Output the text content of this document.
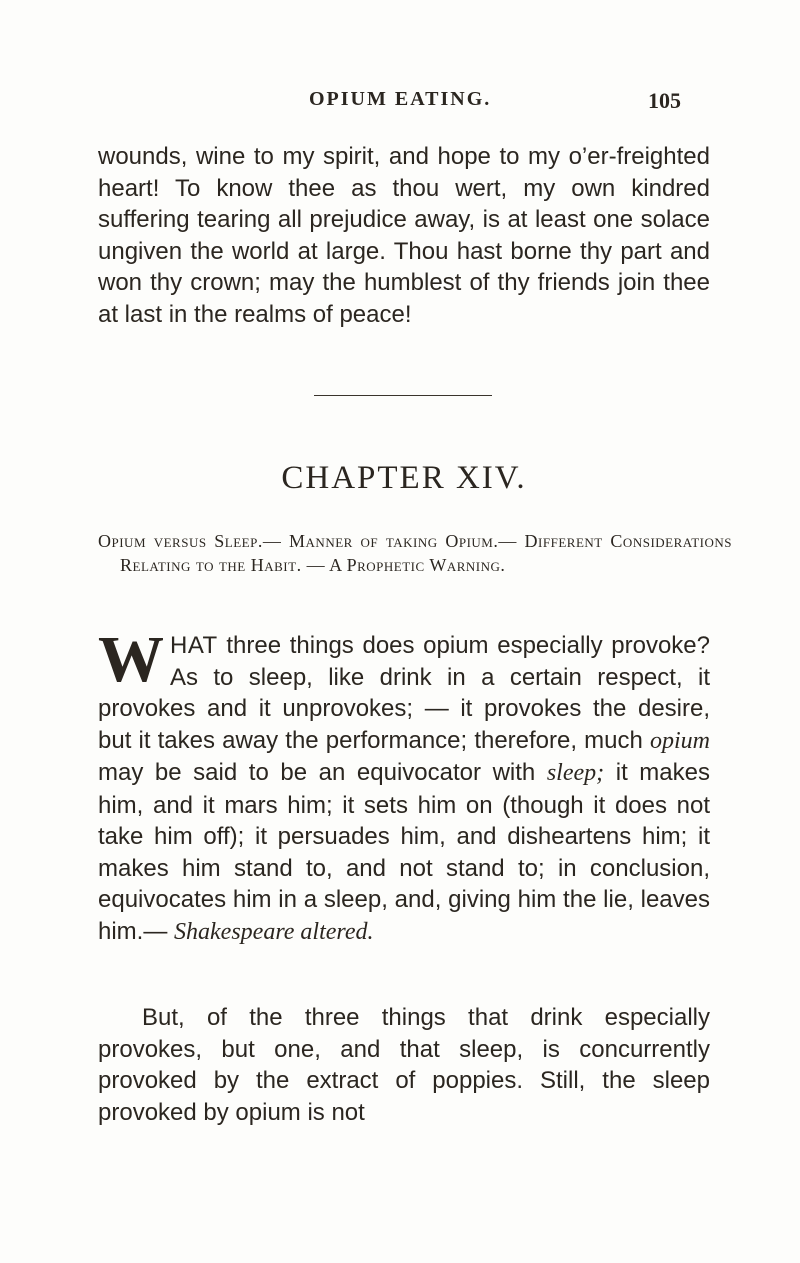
OPIUM EATING.	105

wounds, wine to my spirit, and hope to my o’er-freighted heart! To know thee as thou wert, my own kindred suffering tearing all prejudice away, is at least one solace ungiven the world at large. Thou hast borne thy part and won thy crown; may the humblest of thy friends join thee at last in the realms of peace!

CHAPTER XIV.

Opium versus Sleep.— Manner of taking Opium.— Different Considerations Relating to the Habit. — A Prophetic Warning.

WHAT three things does opium especially provoke? As to sleep, like drink in a certain respect, it provokes and it unprovokes; — it provokes the desire, but it takes away the performance; therefore, much opium may be said to be an equivocator with sleep; it makes him, and it mars him; it sets him on (though it does not take him off); it persuades him, and disheartens him; it makes him stand to, and not stand to; in conclusion, equivocates him in a sleep, and, giving him the lie, leaves him.— Shakespeare altered.

But, of the three things that drink especially provokes, but one, and that sleep, is concurrently provoked by the extract of poppies. Still, the sleep provoked by opium is not
